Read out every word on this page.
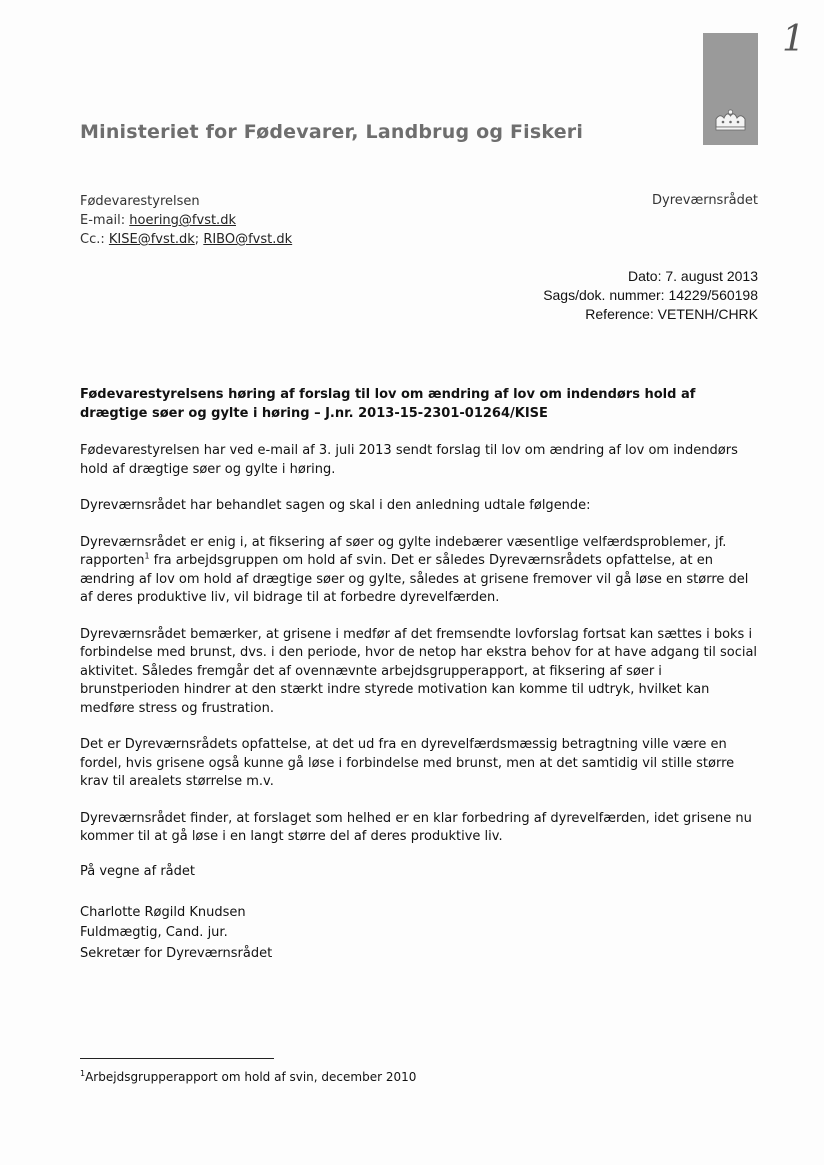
1
Ministeriet for Fødevarer, Landbrug og Fiskeri
Fødevarestyrelsen
E-mail: hoering@fvst.dk
Cc.: KISE@fvst.dk; RIBO@fvst.dk
Dyreværnsrådet
Dato: 7. august 2013
Sags/dok. nummer: 14229/560198
Reference: VETENH/CHRK
Fødevarestyrelsens høring af forslag til lov om ændring af lov om indendørs hold af drægtige søer og gylte i høring – J.nr. 2013-15-2301-01264/KISE

Fødevarestyrelsen har ved e-mail af 3. juli 2013 sendt forslag til lov om ændring af lov om indendørs hold af drægtige søer og gylte i høring.

Dyreværnsrådet har behandlet sagen og skal i den anledning udtale følgende:

Dyreværnsrådet er enig i, at fiksering af søer og gylte indebærer væsentlige velfærdsproblemer, jf. rapporten$^1$ fra arbejdsgruppen om hold af svin. Det er således Dyreværnsrådets opfattelse, at en ændring af lov om hold af drægtige søer og gylte, således at grisene fremover vil gå løse en større del af deres produktive liv, vil bidrage til at forbedre dyrevelfærden.

Dyreværnsrådet bemærker, at grisene i medfør af det fremsendte lovforslag fortsat kan sættes i boks i forbindelse med brunst, dvs. i den periode, hvor de netop har ekstra behov for at have adgang til social aktivitet. Således fremgår det af ovennævnte arbejdsgrupperapport, at fiksering af søer i brunstperioden hindrer at den stærkt indre styrede motivation kan komme til udtryk, hvilket kan medføre stress og frustration.

Det er Dyreværnsrådets opfattelse, at det ud fra en dyrevelfærdsmæssig betragtning ville være en fordel, hvis grisene også kunne gå løse i forbindelse med brunst, men at det samtidig vil stille større krav til arealets størrelse m.v.

Dyreværnsrådet finder, at forslaget som helhed er en klar forbedring af dyrevelfærden, idet grisene nu kommer til at gå løse i en langt større del af deres produktive liv.

På vegne af rådet
Charlotte Røgild Knudsen
Fuldmægtig, Cand. jur.
Sekretær for Dyreværnsrådet
$^1$Arbejdsgrupperapport om hold af svin, december 2010
